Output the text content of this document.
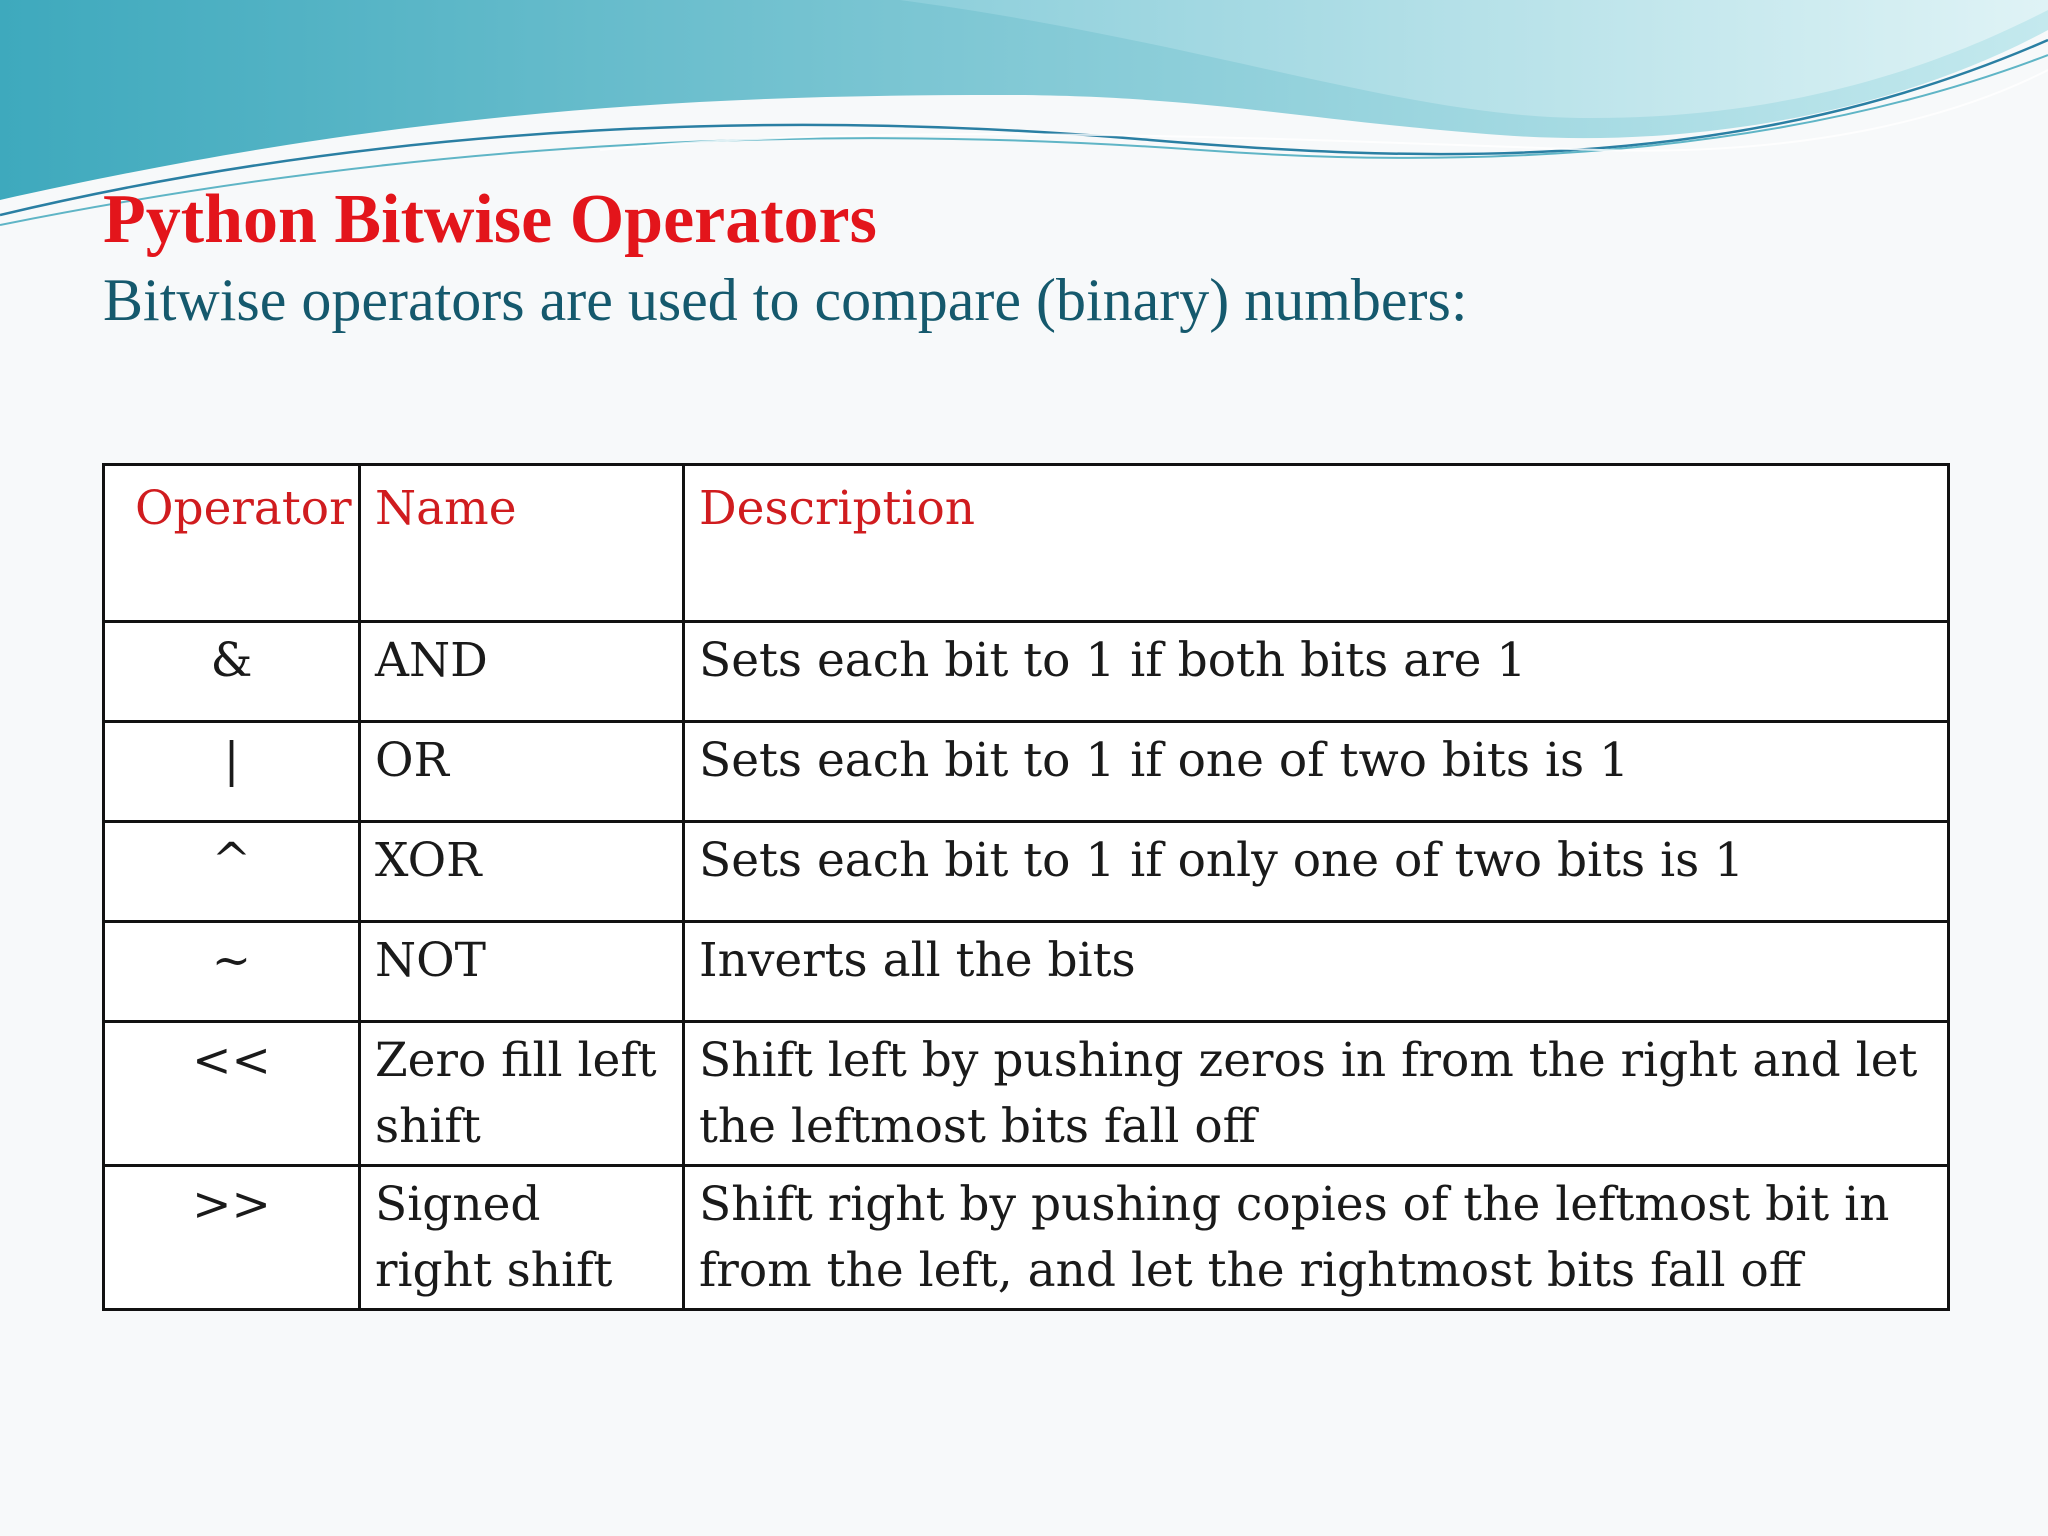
Python Bitwise Operators
Bitwise operators are used to compare (binary) numbers:
Operator	Name	Description
&	AND	Sets each bit to 1 if both bits are 1
|	OR	Sets each bit to 1 if one of two bits is 1
^	XOR	Sets each bit to 1 if only one of two bits is 1
~	NOT	Inverts all the bits
<<	Zero fill left shift	Shift left by pushing zeros in from the right and let the leftmost bits fall off
>>	Signed right shift	Shift right by pushing copies of the leftmost bit in from the left, and let the rightmost bits fall off
